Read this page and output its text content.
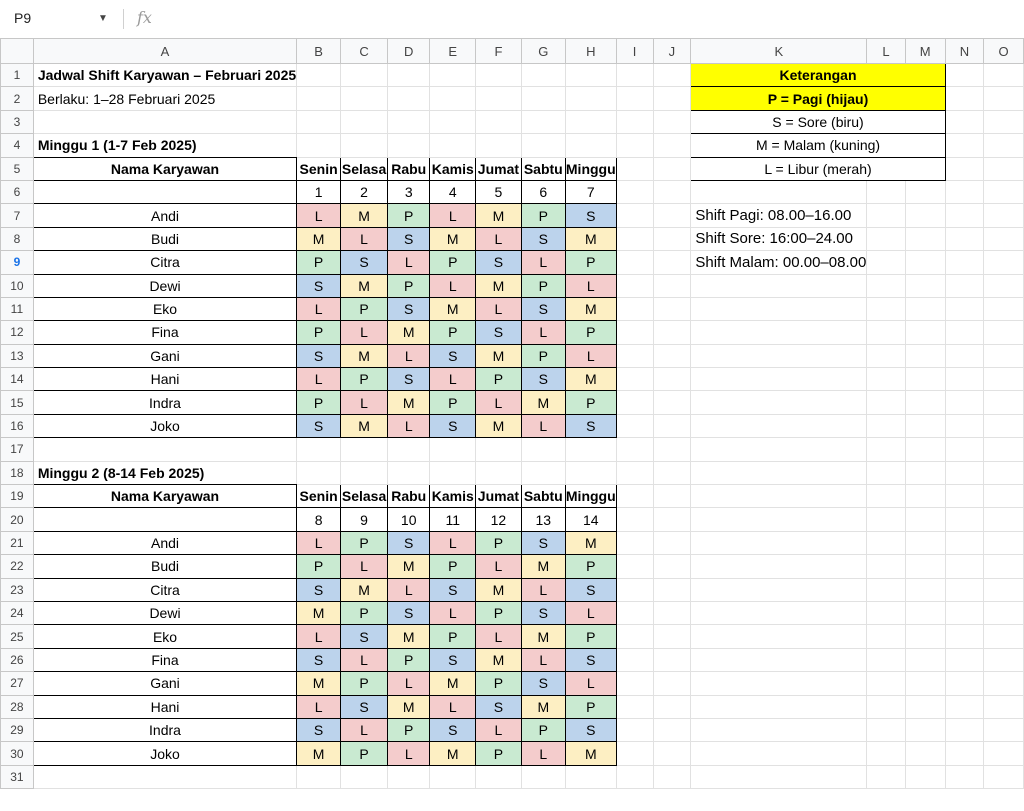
P9	▼ fx
	A	B	C	D	E	F	G	H	I	J	K	L	M	N	O
1	Jadwal Shift Karyawan – Februari 2025										Keterangan				
2	Berlaku: 1–28 Februari 2025										P = Pagi (hijau)				
3											S = Sore (biru)				
4	Minggu 1 (1-7 Feb 2025)										M = Malam (kuning)				
5	Nama Karyawan	Senin	Selasa	Rabu	Kamis	Jumat	Sabtu	Minggu			L = Libur (merah)				
6		1	2	3	4	5	6	7							
7	Andi	L	M	P	L	M	P	S			Shift Pagi: 08.00–16.00				
8	Budi	M	L	S	M	L	S	M			Shift Sore: 16:00–24.00				
9	Citra	P	S	L	P	S	L	P			Shift Malam: 00.00–08.00				
10	Dewi	S	M	P	L	M	P	L							
11	Eko	L	P	S	M	L	S	M							
12	Fina	P	L	M	P	S	L	P							
13	Gani	S	M	L	S	M	P	L							
14	Hani	L	P	S	L	P	S	M							
15	Indra	P	L	M	P	L	M	P							
16	Joko	S	M	L	S	M	L	S							
17															
18	Minggu 2 (8-14 Feb 2025)														
19	Nama Karyawan	Senin	Selasa	Rabu	Kamis	Jumat	Sabtu	Minggu							
20		8	9	10	11	12	13	14							
21	Andi	L	P	S	L	P	S	M							
22	Budi	P	L	M	P	L	M	P							
23	Citra	S	M	L	S	M	L	S							
24	Dewi	M	P	S	L	P	S	L							
25	Eko	L	S	M	P	L	M	P							
26	Fina	S	L	P	S	M	L	S							
27	Gani	M	P	L	M	P	S	L							
28	Hani	L	S	M	L	S	M	P							
29	Indra	S	L	P	S	L	P	S							
30	Joko	M	P	L	M	P	L	M							
31															
